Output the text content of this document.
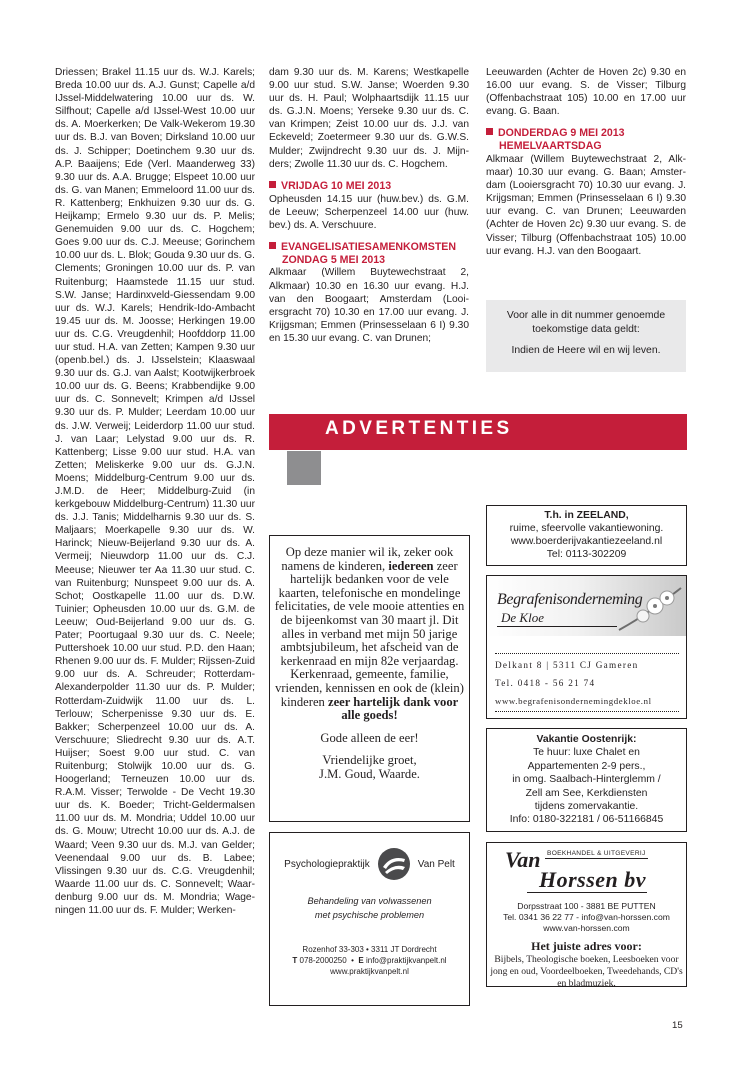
Driessen; Brakel 11.15 uur ds. W.J. Karels; Breda 10.00 uur ds. A.J. Gunst; Capelle a/d IJssel-Middelwatering 10.00 uur ds. W. Silfhout; Capelle a/d IJssel-West 10.00 uur ds. A. Moerkerken; De Valk-Wekerom 19.30 uur ds. B.J. van Boven; Dirksland 10.00 uur ds. J. Schipper; Doetinchem 9.30 uur ds. A.P. Baaijens; Ede (Verl. Maanderweg 33) 9.30 uur ds. A.A. Brugge; Elspeet 10.00 uur ds. G. van Manen; Emmeloord 11.00 uur ds. R. Kattenberg; Enkhuizen 9.30 uur ds. G. Heijkamp; Ermelo 9.30 uur ds. P. Melis; Genemuiden 9.00 uur ds. C. Hogchem; Goes 9.00 uur ds. C.J. Meeuse; Gorinchem 10.00 uur ds. L. Blok; Gouda 9.30 uur ds. G. Clements; Groningen 10.00 uur ds. P. van Ruitenburg; Haamstede 11.15 uur stud. S.W. Janse; Hardinxveld-Giessendam 9.00 uur ds. W.J. Karels; Hendrik-Ido-Ambacht 19.45 uur ds. M. Joosse; Herkingen 19.00 uur ds. C.G. Vreugdenhil; Hoofddorp 11.00 uur stud. H.A. van Zetten; Kampen 9.30 uur (openb.bel.) ds. J. IJsselstein; Klaaswaal 9.30 uur ds. G.J. van Aalst; Kootwijkerbroek 10.00 uur ds. G. Beens; Krabbendijke 9.00 uur ds. C. Sonnevelt; Krimpen a/d IJssel 9.30 uur ds. P. Mulder; Leerdam 10.00 uur ds. J.W. Verweij; Leiderdorp 11.00 uur stud. J. van Laar; Lelystad 9.00 uur ds. R. Kattenberg; Lisse 9.00 uur stud. H.A. van Zetten; Meliskerke 9.00 uur ds. G.J.N. Moens; Middelburg-Centrum 9.00 uur ds. J.M.D. de Heer; Middelburg-Zuid (in kerkgebouw Middelburg-Centrum) 11.30 uur ds. J.J. Tanis; Middelharnis 9.30 uur ds. S. Maljaars; Moerkapelle 9.30 uur ds. W. Harinck; Nieuw-Beijerland 9.30 uur ds. A. Vermeij; Nieuwdorp 11.00 uur ds. C.J. Meeuse; Nieuwer ter Aa 11.30 uur stud. C. van Ruitenburg; Nunspeet 9.00 uur ds. A. Schot; Oostkapelle 11.00 uur ds. D.W. Tuinier; Opheusden 10.00 uur ds. G.M. de Leeuw; Oud-Beijerland 9.00 uur ds. G. Pater; Poortugaal 9.30 uur ds. C. Neele; Puttershoek 10.00 uur stud. P.D. den Haan; Rhenen 9.00 uur ds. F. Mulder; Rijssen-Zuid 9.00 uur ds. A. Schreuder; Rotterdam-Alexanderpolder 11.30 uur ds. P. Mulder; Rotterdam-Zuidwijk 11.00 uur ds. L. Terlouw; Scherpenisse 9.30 uur ds. E. Bakker; Scherpenzeel 10.00 uur ds. A. Verschuure; Sliedrecht 9.30 uur ds. A.T. Huijser; Soest 9.00 uur stud. C. van Ruitenburg; Stolwijk 10.00 uur ds. G. Hoogerland; Terneuzen 10.00 uur ds. R.A.M. Visser; Terwolde - De Vecht 19.30 uur ds. K. Boeder; Tricht-Geldermalsen 11.00 uur ds. M. Mondria; Uddel 10.00 uur ds. G. Mouw; Utrecht 10.00 uur ds. A.J. de Waard; Veen 9.30 uur ds. M.J. van Gelder; Veenendaal 9.00 uur ds. B. Labee; Vlissingen 9.30 uur ds. C.G. Vreugdenhil; Waarde 11.00 uur ds. C. Sonnevelt; Waardenburg 9.00 uur ds. M. Mondria; Wageningen 11.00 uur ds. F. Mulder; Werken-

dam 9.30 uur ds. M. Karens; Westkapelle 9.00 uur stud. S.W. Janse; Woerden 9.30 uur ds. H. Paul; Wolphaartsdijk 11.15 uur ds. G.J.N. Moens; Yerseke 9.30 uur ds. C. van Krimpen; Zeist 10.00 uur ds. J.J. van Eckeveld; Zoetermeer 9.30 uur ds. G.W.S. Mulder; Zwijndrecht 9.30 uur ds. J. Mijnders; Zwolle 11.30 uur ds. C. Hogchem.

VRIJDAG 10 MEI 2013

Opheusden 14.15 uur (huw.bev.) ds. G.M. de Leeuw; Scherpenzeel 14.00 uur (huw. bev.) ds. A. Verschuure.

EVANGELISATIESAMENKOMSTEN
ZONDAG 5 MEI 2013

Alkmaar (Willem Buytewechstraat 2, Alkmaar) 10.30 en 16.30 uur evang. H.J. van den Boogaart; Amsterdam (Looiersgracht 70) 10.30 en 17.00 uur evang. J. Krijgsman; Emmen (Prinsesselaan 6 I) 9.30 en 15.30 uur evang. C. van Drunen;

Leeuwarden (Achter de Hoven 2c) 9.30 en 16.00 uur evang. S. de Visser; Tilburg (Offenbachstraat 105) 10.00 en 17.00 uur evang. G. Baan.

DONDERDAG 9 MEI 2013
HEMELVAARTSDAG

Alkmaar (Willem Buytewechstraat 2, Alkmaar) 10.30 uur evang. G. Baan; Amsterdam (Looiersgracht 70) 10.30 uur evang. J. Krijgsman; Emmen (Prinsesselaan 6 I) 9.30 uur evang. C. van Drunen; Leeuwarden (Achter de Hoven 2c) 9.30 uur evang. S. de Visser; Tilburg (Offenbachstraat 105) 10.00 uur evang. H.J. van den Boogaart.

Voor alle in dit nummer genoemde toekomstige data geldt:

Indien de Heere wil en wij leven.

ADVERTENTIES

Op deze manier wil ik, zeker ook namens de kinderen, iedereen zeer hartelijk bedanken voor de vele kaarten, telefonische en mondelinge felicitaties, de vele mooie attenties en de bijeenkomst van 30 maart jl. Dit alles in verband met mijn 50 jarige ambtsjubileum, het afscheid van de kerkenraad en mijn 82e verjaardag. Kerkenraad, gemeente, familie, vrienden, kennissen en ook de (klein) kinderen zeer hartelijk dank voor alle goeds!

Gode alleen de eer!

Vriendelijke groet,
J.M. Goud, Waarde.

Psychologiepraktijk	Van Pelt
Behandeling van volwassenen
met psychische problemen
Rozenhof 33-303 • 3311 JT Dordrecht
T 078-2000250  •  E info@praktijkvanpelt.nl
www.praktijkvanpelt.nl
T.h. in ZEELAND,
ruime, sfeervolle vakantiewoning.
www.boerderijvakantiezeeland.nl
Tel: 0113-302209
Begrafenisonderneming
De Kloe
Delkant 8 | 5311 CJ Gameren
Tel. 0418 - 56 21 74
www.begrafenisondernemingdekloe.nl
Vakantie Oostenrijk:
Te huur: luxe Chalet en
Appartementen 2-9 pers.,
in omg. Saalbach-Hinterglemm /
Zell am See, Kerkdiensten
tijdens zomervakantie.
Info: 0180-322181 / 06-51166845
Van BOEKHANDEL & UITGEVERIJ
Horssen bv
Dorpsstraat 100 - 3881 BE PUTTEN
Tel. 0341 36 22 77 - info@van-horssen.com
www.van-horssen.com
Het juiste adres voor:
Bijbels, Theologische boeken, Leesboeken voor jong en oud, Voordeelboeken, Tweedehands, CD's en bladmuziek.
15
